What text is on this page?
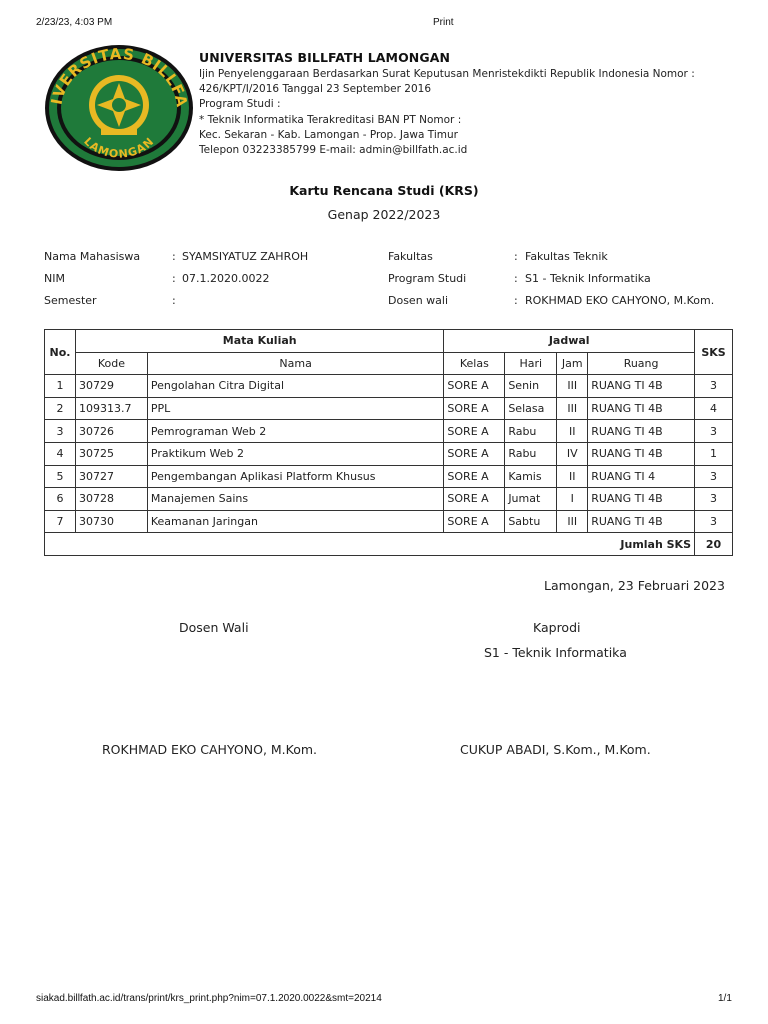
2/23/23, 4:03 PM	Print
IVERSITAS BILLFA
LAMONGAN
UNIVERSITAS BILLFATH LAMONGAN
Ijin Penyelenggaraan Berdasarkan Surat Keputusan Menristekdikti Republik Indonesia Nomor :
426/KPT/I/2016 Tanggal 23 September 2016
Program Studi :
* Teknik Informatika Terakreditasi BAN PT Nomor :
Kec. Sekaran - Kab. Lamongan - Prop. Jawa Timur
Telepon 03223385799 E-mail: admin@billfath.ac.id
Kartu Rencana Studi (KRS)
Genap 2022/2023
Nama Mahasiswa	: SYAMSIYATUZ ZAHROH
NIM	: 07.1.2020.0022
Semester	:
Fakultas	: Fakultas Teknik
Program Studi	: S1 - Teknik Informatika
Dosen wali	: ROKHMAD EKO CAHYONO, M.Kom.
No.	Mata Kuliah		Jadwal				SKS
	Kode	Nama	Kelas	Hari	Jam	Ruang	
1	30729	Pengolahan Citra Digital	SORE A	Senin	III	RUANG TI 4B	3
2	109313.7	PPL	SORE A	Selasa	III	RUANG TI 4B	4
3	30726	Pemrograman Web 2	SORE A	Rabu	II	RUANG TI 4B	3
4	30725	Praktikum Web 2	SORE A	Rabu	IV	RUANG TI 4B	1
5	30727	Pengembangan Aplikasi Platform Khusus	SORE A	Kamis	II	RUANG TI 4	3
6	30728	Manajemen Sains	SORE A	Jumat	I	RUANG TI 4B	3
7	30730	Keamanan Jaringan	SORE A	Sabtu	III	RUANG TI 4B	3
Jumlah SKS							20
Lamongan, 23 Februari 2023
Dosen Wali	Kaprodi
S1 - Teknik Informatika
ROKHMAD EKO CAHYONO, M.Kom.	CUKUP ABADI, S.Kom., M.Kom.
siakad.billfath.ac.id/trans/print/krs_print.php?nim=07.1.2020.0022&smt=20214	1/1
